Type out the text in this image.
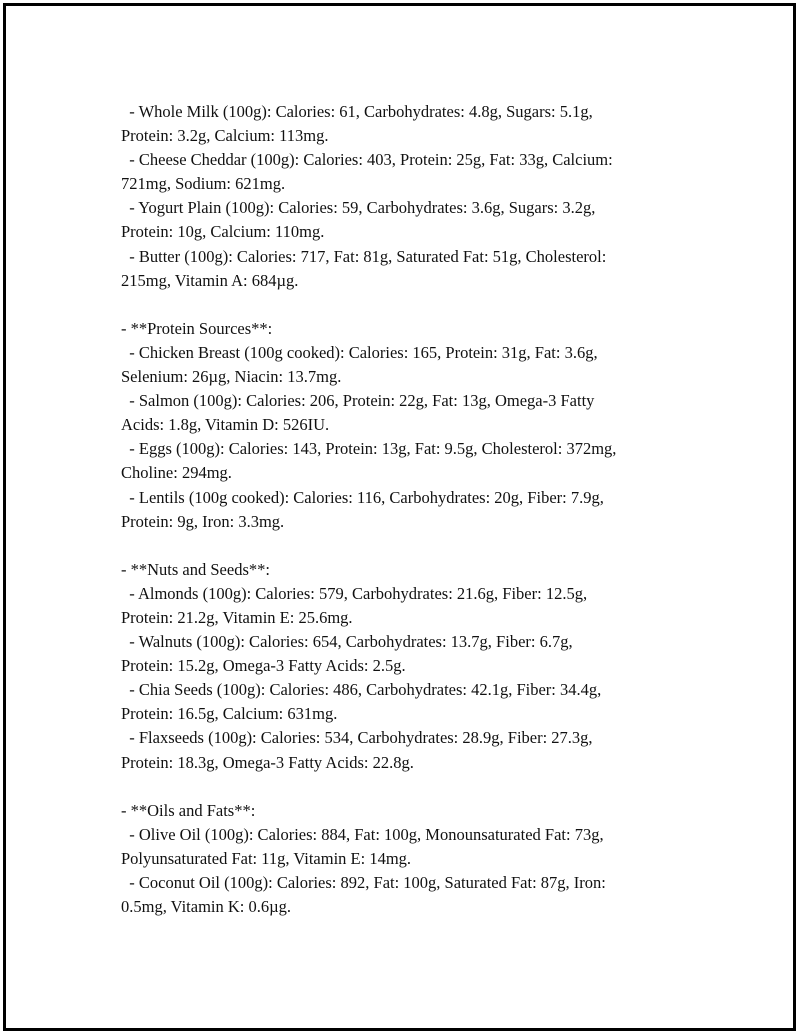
- Whole Milk (100g): Calories: 61, Carbohydrates: 4.8g, Sugars: 5.1g,
Protein: 3.2g, Calcium: 113mg.
- Cheese Cheddar (100g): Calories: 403, Protein: 25g, Fat: 33g, Calcium:
721mg, Sodium: 621mg.
- Yogurt Plain (100g): Calories: 59, Carbohydrates: 3.6g, Sugars: 3.2g,
Protein: 10g, Calcium: 110mg.
- Butter (100g): Calories: 717, Fat: 81g, Saturated Fat: 51g, Cholesterol:
215mg, Vitamin A: 684µg.
- **Protein Sources**:
- Chicken Breast (100g cooked): Calories: 165, Protein: 31g, Fat: 3.6g,
Selenium: 26µg, Niacin: 13.7mg.
- Salmon (100g): Calories: 206, Protein: 22g, Fat: 13g, Omega-3 Fatty
Acids: 1.8g, Vitamin D: 526IU.
- Eggs (100g): Calories: 143, Protein: 13g, Fat: 9.5g, Cholesterol: 372mg,
Choline: 294mg.
- Lentils (100g cooked): Calories: 116, Carbohydrates: 20g, Fiber: 7.9g,
Protein: 9g, Iron: 3.3mg.
- **Nuts and Seeds**:
- Almonds (100g): Calories: 579, Carbohydrates: 21.6g, Fiber: 12.5g,
Protein: 21.2g, Vitamin E: 25.6mg.
- Walnuts (100g): Calories: 654, Carbohydrates: 13.7g, Fiber: 6.7g,
Protein: 15.2g, Omega-3 Fatty Acids: 2.5g.
- Chia Seeds (100g): Calories: 486, Carbohydrates: 42.1g, Fiber: 34.4g,
Protein: 16.5g, Calcium: 631mg.
- Flaxseeds (100g): Calories: 534, Carbohydrates: 28.9g, Fiber: 27.3g,
Protein: 18.3g, Omega-3 Fatty Acids: 22.8g.
- **Oils and Fats**:
- Olive Oil (100g): Calories: 884, Fat: 100g, Monounsaturated Fat: 73g,
Polyunsaturated Fat: 11g, Vitamin E: 14mg.
- Coconut Oil (100g): Calories: 892, Fat: 100g, Saturated Fat: 87g, Iron:
0.5mg, Vitamin K: 0.6µg.
